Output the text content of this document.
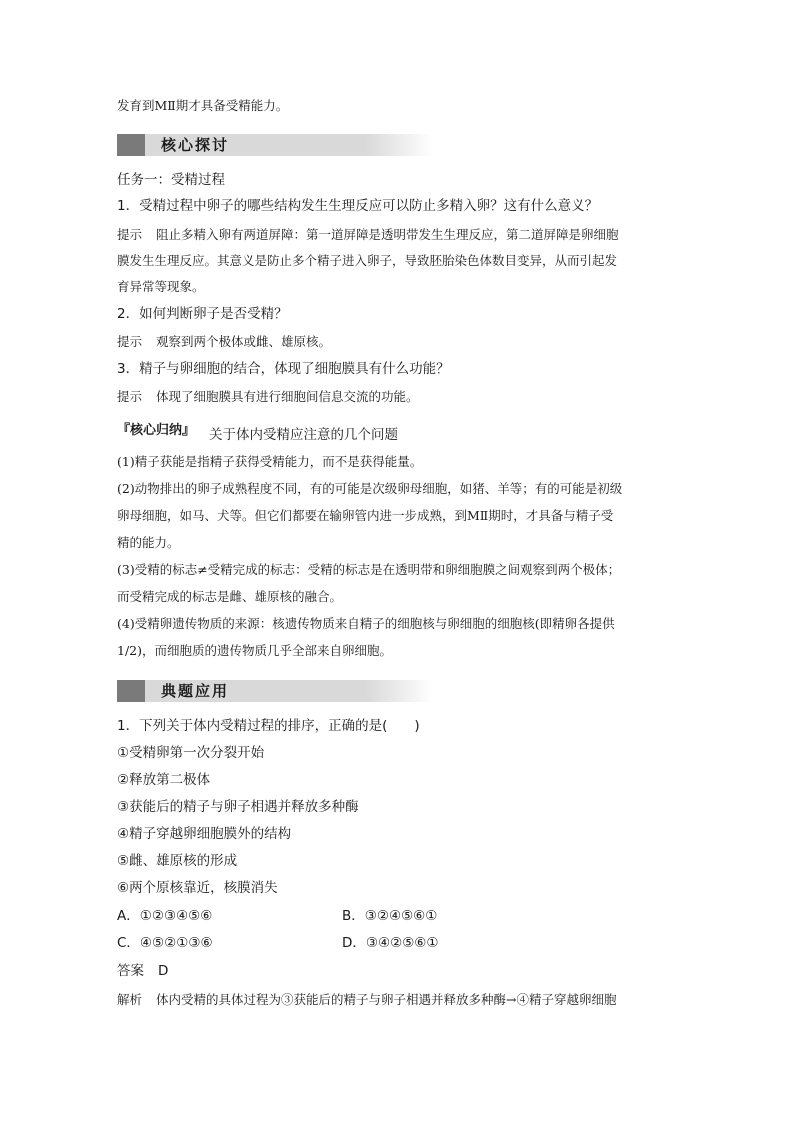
发育到MⅡ期才具备受精能力。
核心探讨
任务一：受精过程
1．受精过程中卵子的哪些结构发生生理反应可以防止多精入卵？这有什么意义？
提示 阻止多精入卵有两道屏障：第一道屏障是透明带发生生理反应，第二道屏障是卵细胞
膜发生生理反应。其意义是防止多个精子进入卵子，导致胚胎染色体数目变异，从而引起发
育异常等现象。
2．如何判断卵子是否受精？
提示 观察到两个极体或雌、雄原核。
3．精子与卵细胞的结合，体现了细胞膜具有什么功能？
提示 体现了细胞膜具有进行细胞间信息交流的功能。
『核心归纳』 关于体内受精应注意的几个问题
(1)精子获能是指精子获得受精能力，而不是获得能量。
(2)动物排出的卵子成熟程度不同，有的可能是次级卵母细胞，如猪、羊等；有的可能是初级
卵母细胞，如马、犬等。但它们都要在输卵管内进一步成熟，到MⅡ期时，才具备与精子受
精的能力。
(3)受精的标志≠受精完成的标志：受精的标志是在透明带和卵细胞膜之间观察到两个极体；
而受精完成的标志是雌、雄原核的融合。
(4)受精卵遗传物质的来源：核遗传物质来自精子的细胞核与卵细胞的细胞核(即精卵各提供
1/2)，而细胞质的遗传物质几乎全部来自卵细胞。
典题应用
1．下列关于体内受精过程的排序，正确的是(　　)
①受精卵第一次分裂开始
②释放第二极体
③获能后的精子与卵子相遇并释放多种酶
④精子穿越卵细胞膜外的结构
⑤雌、雄原核的形成
⑥两个原核靠近，核膜消失
A．①②③④⑤⑥	B．③②④⑤⑥①
C．④⑤②①③⑥	D．③④②⑤⑥①
答案 D
解析 体内受精的具体过程为③获能后的精子与卵子相遇并释放多种酶→④精子穿越卵细胞
